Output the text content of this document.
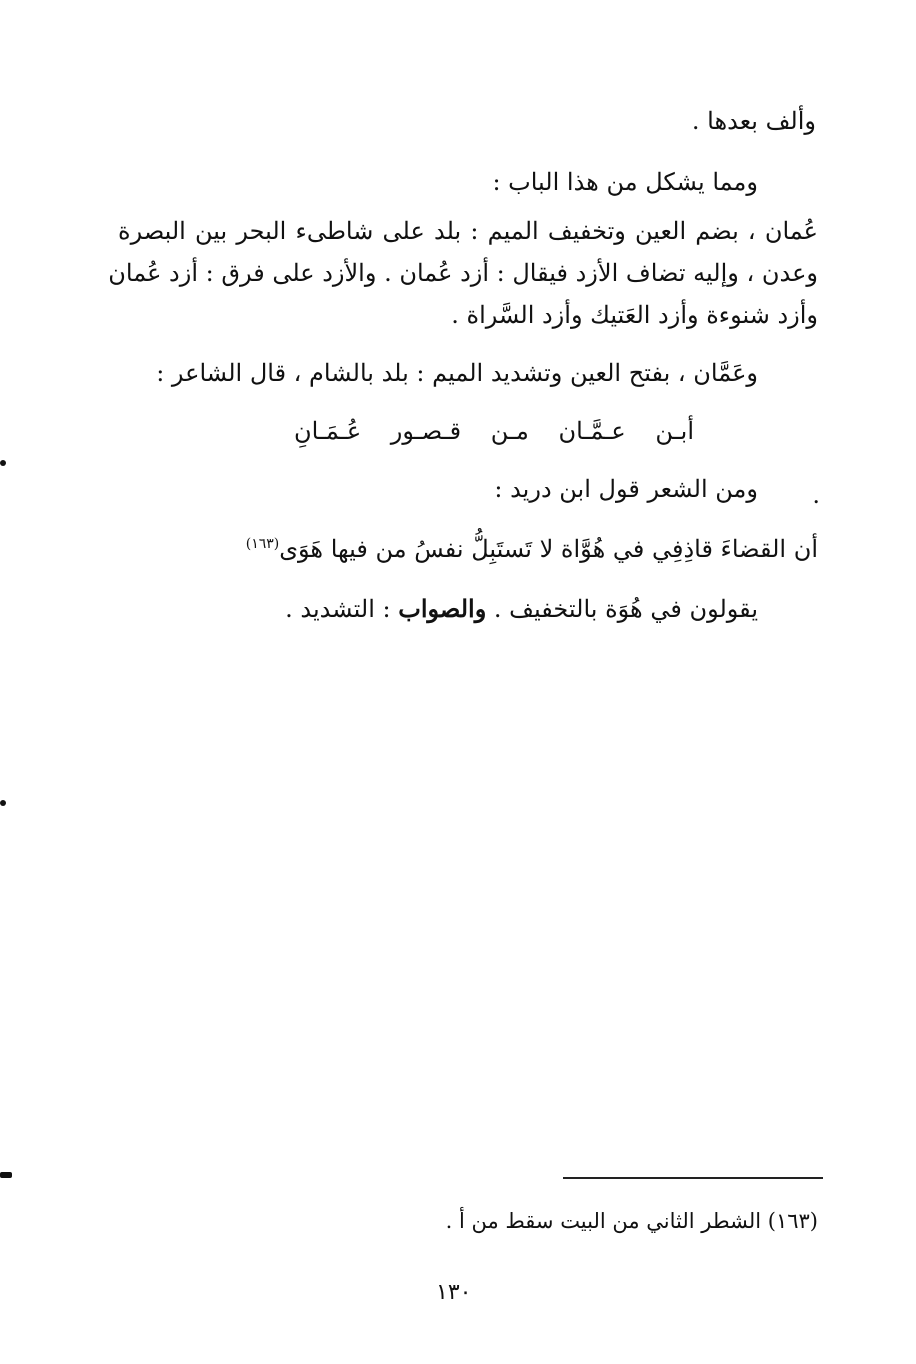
وألف بعدها .
ومما يشكل من هذا الباب :
عُمان ، بضم العين وتخفيف الميم : بلد على شاطىء البحر بين البصرة
وعدن ، وإليه تضاف الأزد فيقال : أزد عُمان . والأزد على فرق : أزد عُمان
وأزد شنوءة وأزد العَتيك وأزد السَّراة .
وعَمَّان ، بفتح العين وتشديد الميم : بلد بالشام ، قال الشاعر :
أبـن عـمَّـان مـن قـصـور عُـمَـانِ
ومن الشعر قول ابن دريد : .
أن القضاءَ قاذِفِي في هُوَّاة لا تَستَبِلُّ نفسُ من فيها هَوَى$^{(١٦٣)}$
يقولون في هُوَة بالتخفيف . والصواب : التشديد .
(١٦٣) الشطر الثاني من البيت سقط من أ .
١٣٠
